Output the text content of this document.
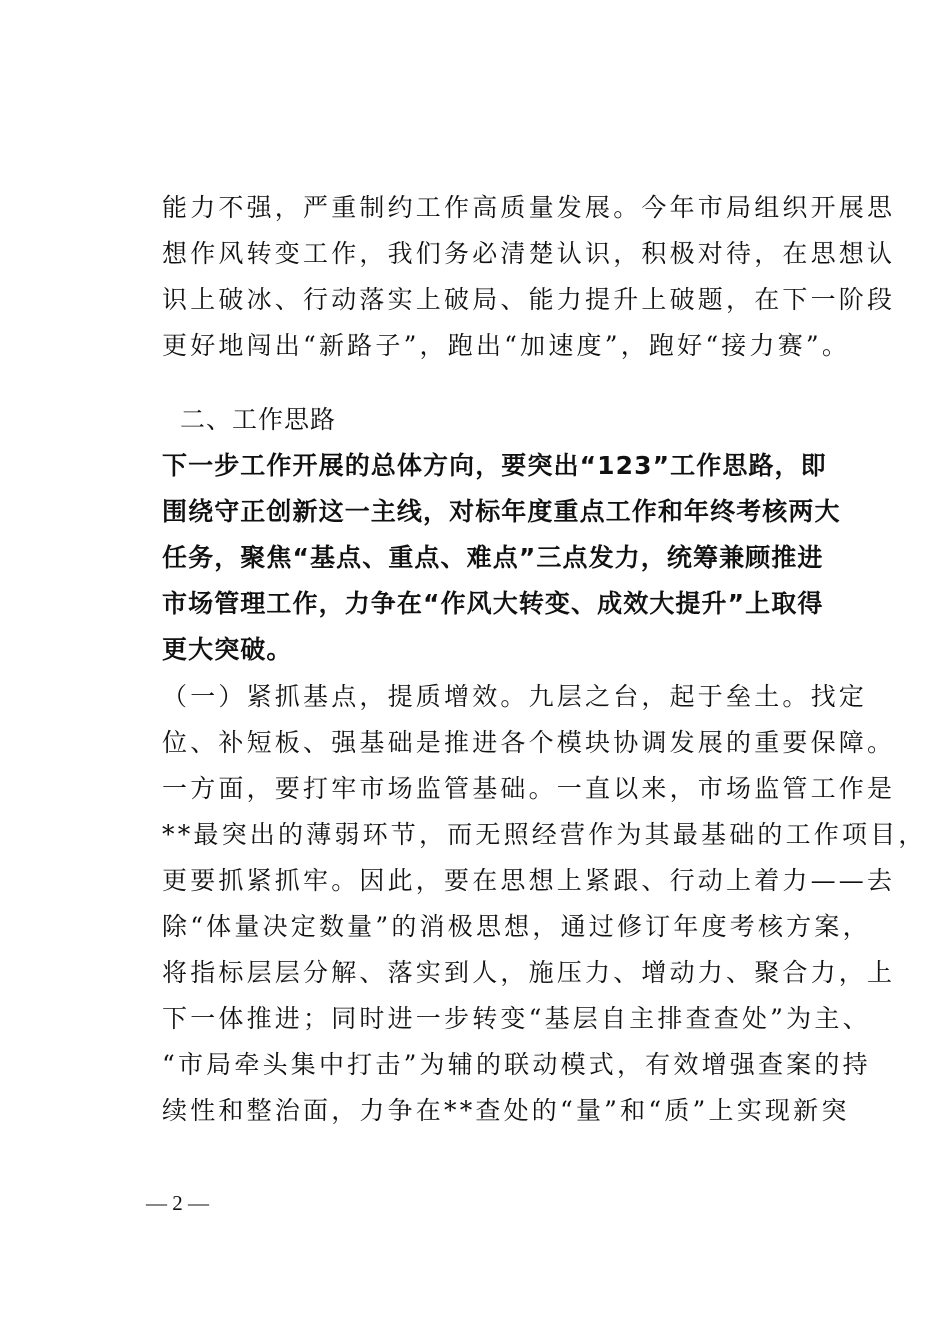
能力不强，严重制约工作高质量发展。今年市局组织开展思
想作风转变工作，我们务必清楚认识，积极对待，在思想认
识上破冰、行动落实上破局、能力提升上破题，在下一阶段
更好地闯出“新路子”，跑出“加速度”，跑好“接力赛”。
二、工作思路
下一步工作开展的总体方向，要突出“123”工作思路，即
围绕守正创新这一主线，对标年度重点工作和年终考核两大
任务，聚焦“基点、重点、难点”三点发力，统筹兼顾推进
市场管理工作，力争在“作风大转变、成效大提升”上取得
更大突破。
（一）紧抓基点，提质增效。九层之台，起于垒土。找定
位、补短板、强基础是推进各个模块协调发展的重要保障。
一方面，要打牢市场监管基础。一直以来，市场监管工作是
**最突出的薄弱环节，而无照经营作为其最基础的工作项目，
更要抓紧抓牢。因此，要在思想上紧跟、行动上着力——去
除“体量决定数量”的消极思想，通过修订年度考核方案，
将指标层层分解、落实到人，施压力、增动力、聚合力，上
下一体推进；同时进一步转变“基层自主排查查处”为主、
“市局牵头集中打击”为辅的联动模式，有效增强查案的持
续性和整治面，力争在**查处的“量”和“质”上实现新突
— 2 —
